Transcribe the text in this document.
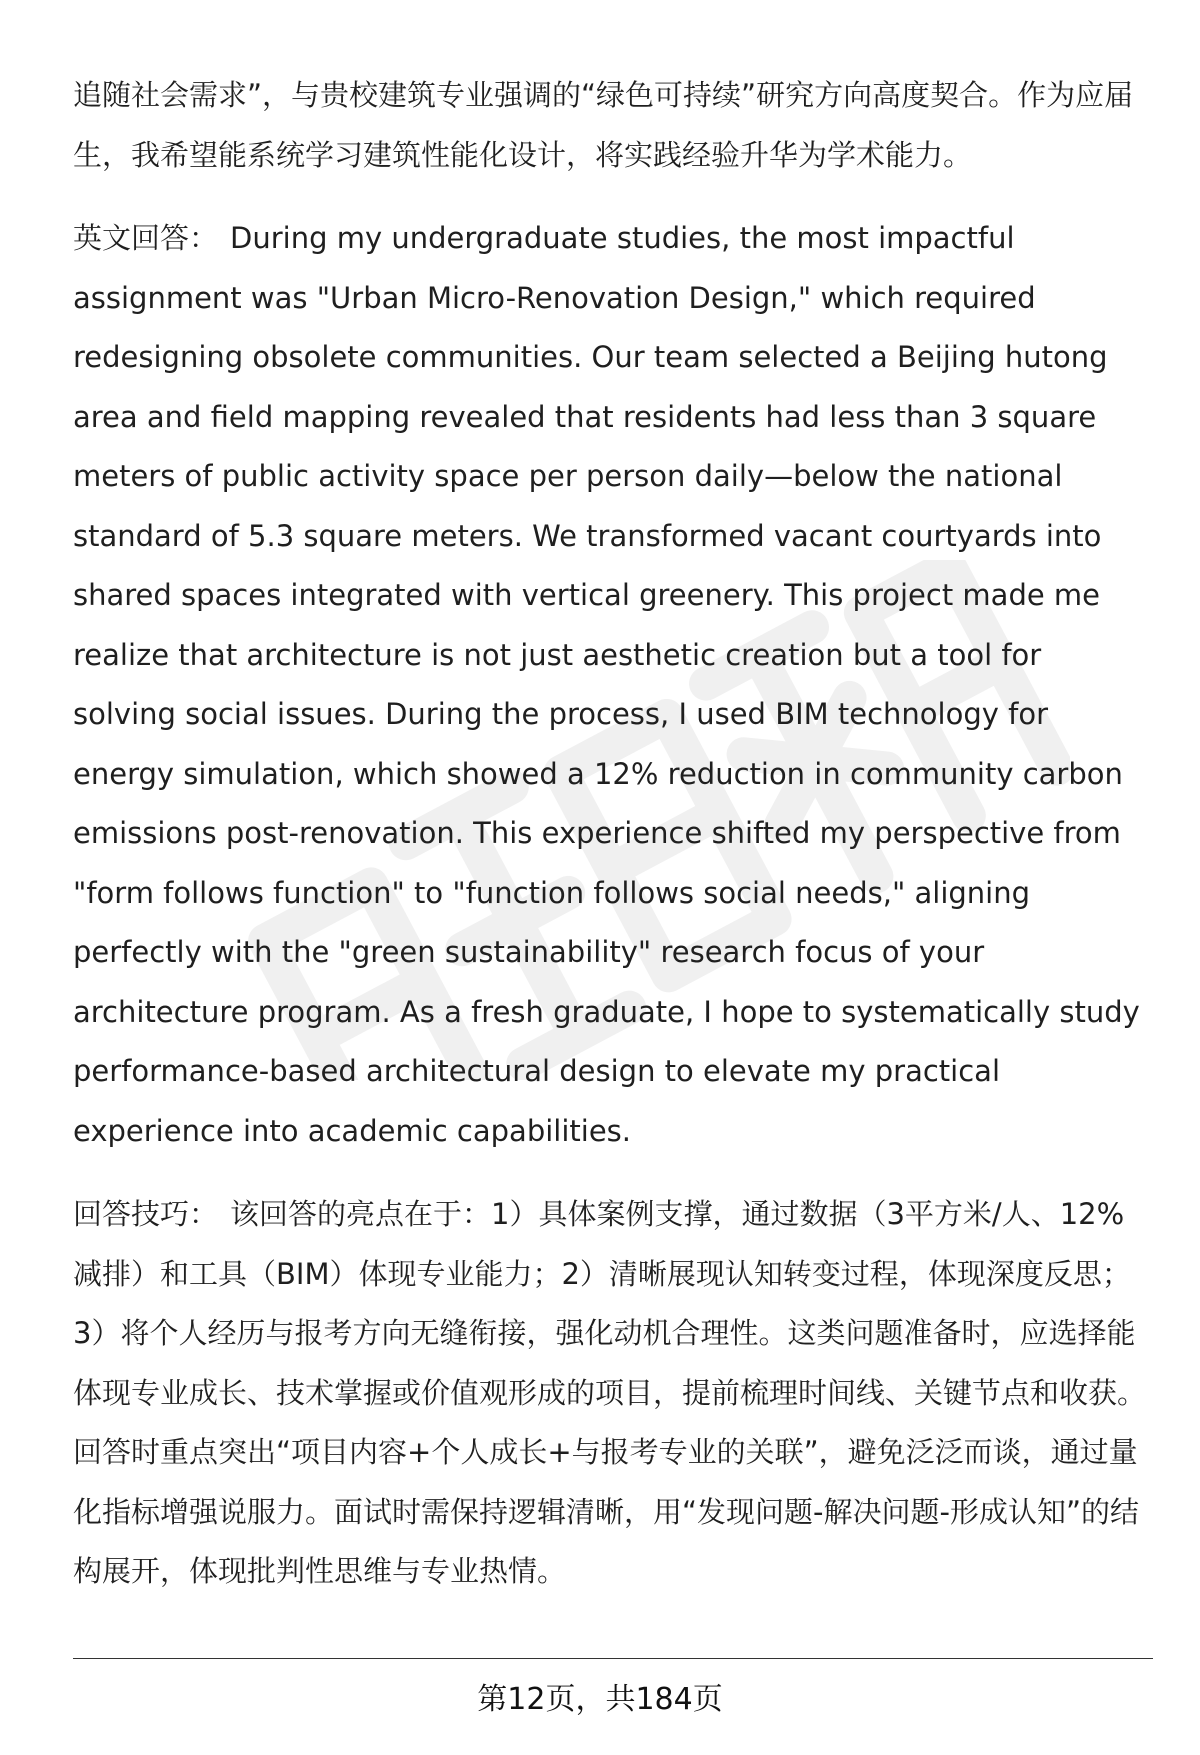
追随社会需求”，与贵校建筑专业强调的“绿色可持续”研究方向高度契合。作为应届生，我希望能系统学习建筑性能化设计，将实践经验升华为学术能力。

英文回答： During my undergraduate studies, the most impactful assignment was "Urban Micro-Renovation Design," which required redesigning obsolete communities. Our team selected a Beijing hutong area and field mapping revealed that residents had less than 3 square meters of public activity space per person daily—below the national standard of 5.3 square meters. We transformed vacant courtyards into shared spaces integrated with vertical greenery. This project made me realize that architecture is not just aesthetic creation but a tool for solving social issues. During the process, I used BIM technology for energy simulation, which showed a 12% reduction in community carbon emissions post-renovation. This experience shifted my perspective from "form follows function" to "function follows social needs," aligning perfectly with the "green sustainability" research focus of your architecture program. As a fresh graduate, I hope to systematically study performance-based architectural design to elevate my practical experience into academic capabilities.

回答技巧： 该回答的亮点在于：1）具体案例支撑，通过数据（3平方米/人、12%减排）和工具（BIM）体现专业能力；2）清晰展现认知转变过程，体现深度反思；3）将个人经历与报考方向无缝衔接，强化动机合理性。这类问题准备时，应选择能体现专业成长、技术掌握或价值观形成的项目，提前梳理时间线、关键节点和收获。回答时重点突出“项目内容+个人成长+与报考专业的关联”，避免泛泛而谈，通过量化指标增强说服力。面试时需保持逻辑清晰，用“发现问题-解决问题-形成认知”的结构展开，体现批判性思维与专业热情。

第12页，共184页
